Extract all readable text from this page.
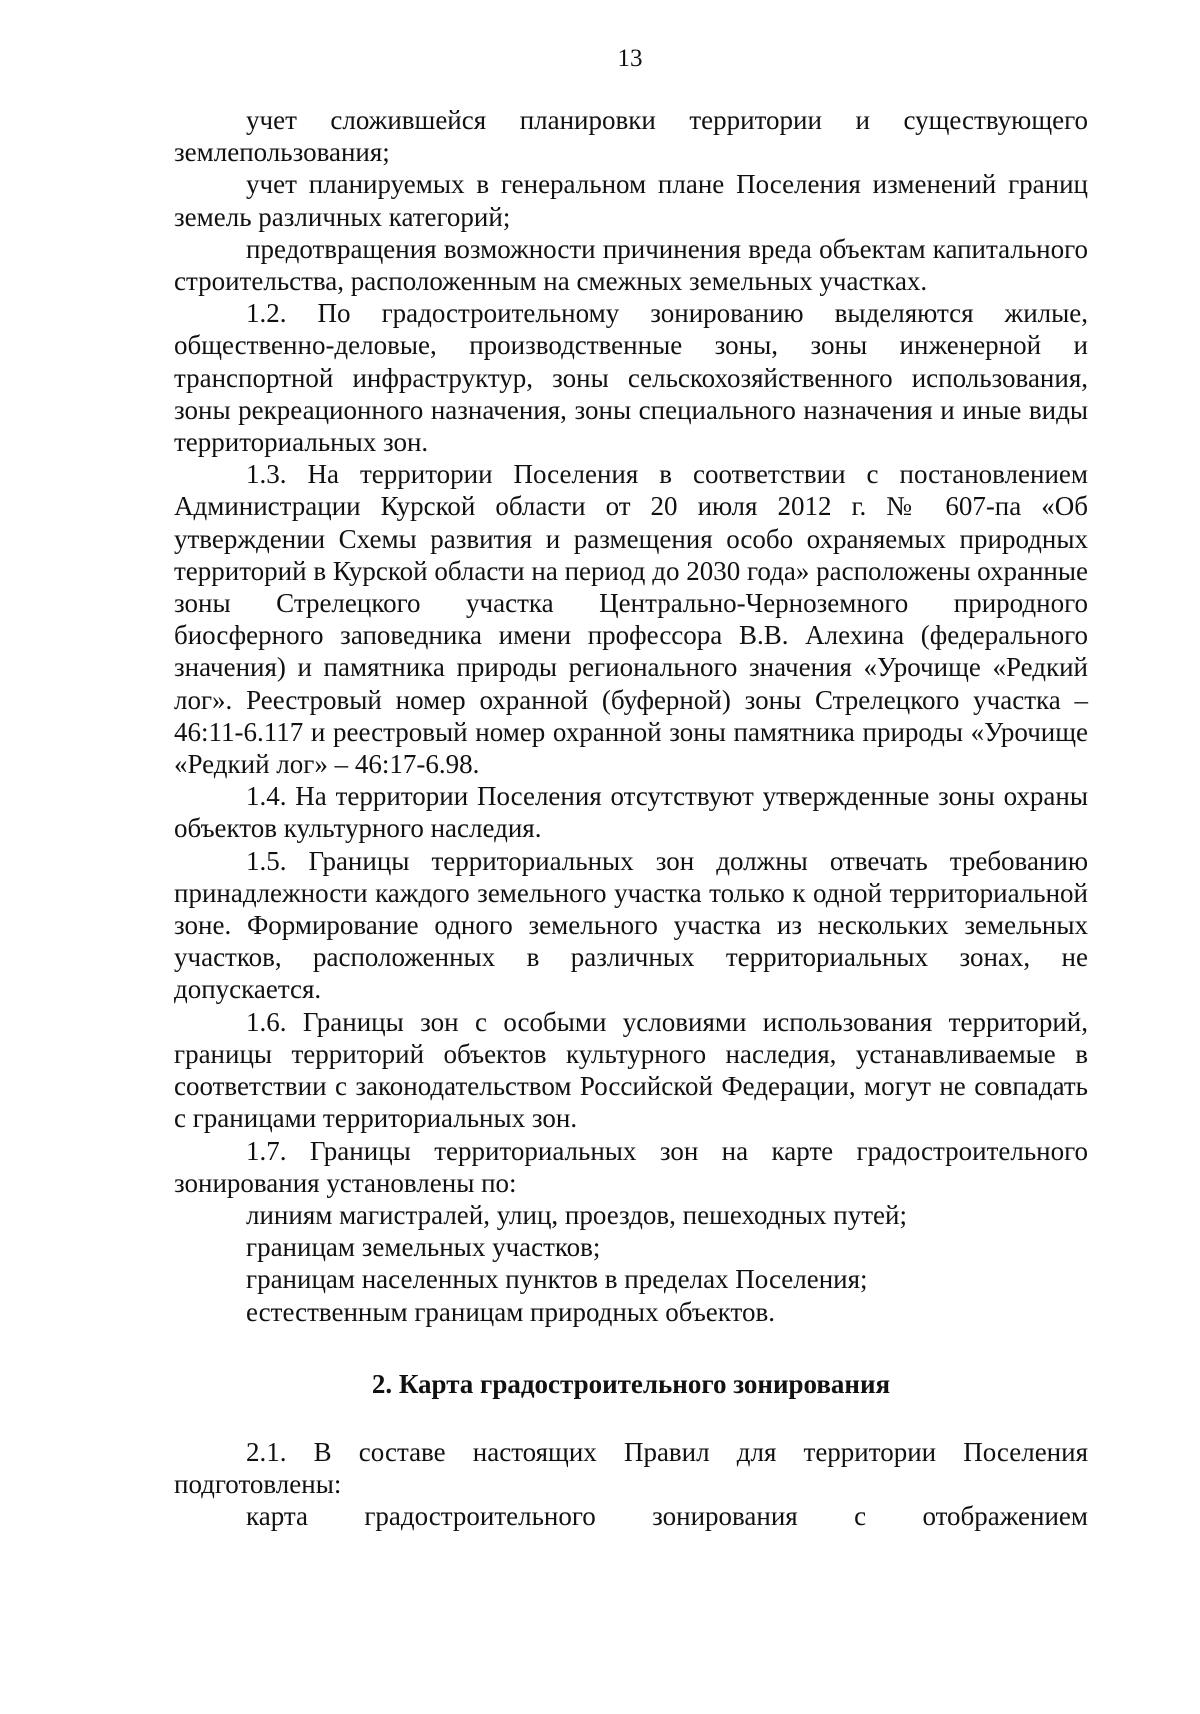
13

учет сложившейся планировки территории и существующего землепользования;

учет планируемых в генеральном плане Поселения изменений границ земель различных категорий;

предотвращения возможности причинения вреда объектам капитального строительства, расположенным на смежных земельных участках.

1.2. По градостроительному зонированию выделяются жилые, общественно-деловые, производственные зоны, зоны инженерной и транспортной инфраструктур, зоны сельскохозяйственного использования, зоны рекреационного назначения, зоны специального назначения и иные виды территориальных зон.

1.3. На территории Поселения в соответствии с постановлением Администрации Курской области от 20 июля 2012 г. № 607-па «Об утверждении Схемы развития и размещения особо охраняемых природных территорий в Курской области на период до 2030 года» расположены охранные зоны Стрелецкого участка Центрально-Черноземного природного биосферного заповедника имени профессора В.В. Алехина (федерального значения) и памятника природы регионального значения «Урочище «Редкий лог». Реестровый номер охранной (буферной) зоны Стрелецкого участка – 46:11-6.117 и реестровый номер охранной зоны памятника природы «Урочище «Редкий лог» – 46:17-6.98.

1.4. На территории Поселения отсутствуют утвержденные зоны охраны объектов культурного наследия.

1.5. Границы территориальных зон должны отвечать требованию принадлежности каждого земельного участка только к одной территориальной зоне. Формирование одного земельного участка из нескольких земельных участков, расположенных в различных территориальных зонах, не допускается.

1.6. Границы зон с особыми условиями использования территорий, границы территорий объектов культурного наследия, устанавливаемые в соответствии с законодательством Российской Федерации, могут не совпадать с границами территориальных зон.

1.7. Границы территориальных зон на карте градостроительного зонирования установлены по:

линиям магистралей, улиц, проездов, пешеходных путей;

границам земельных участков;

границам населенных пунктов в пределах Поселения;

естественным границам природных объектов.

2. Карта градостроительного зонирования

2.1. В составе настоящих Правил для территории Поселения подготовлены:

карта градостроительного зонирования с отображением
